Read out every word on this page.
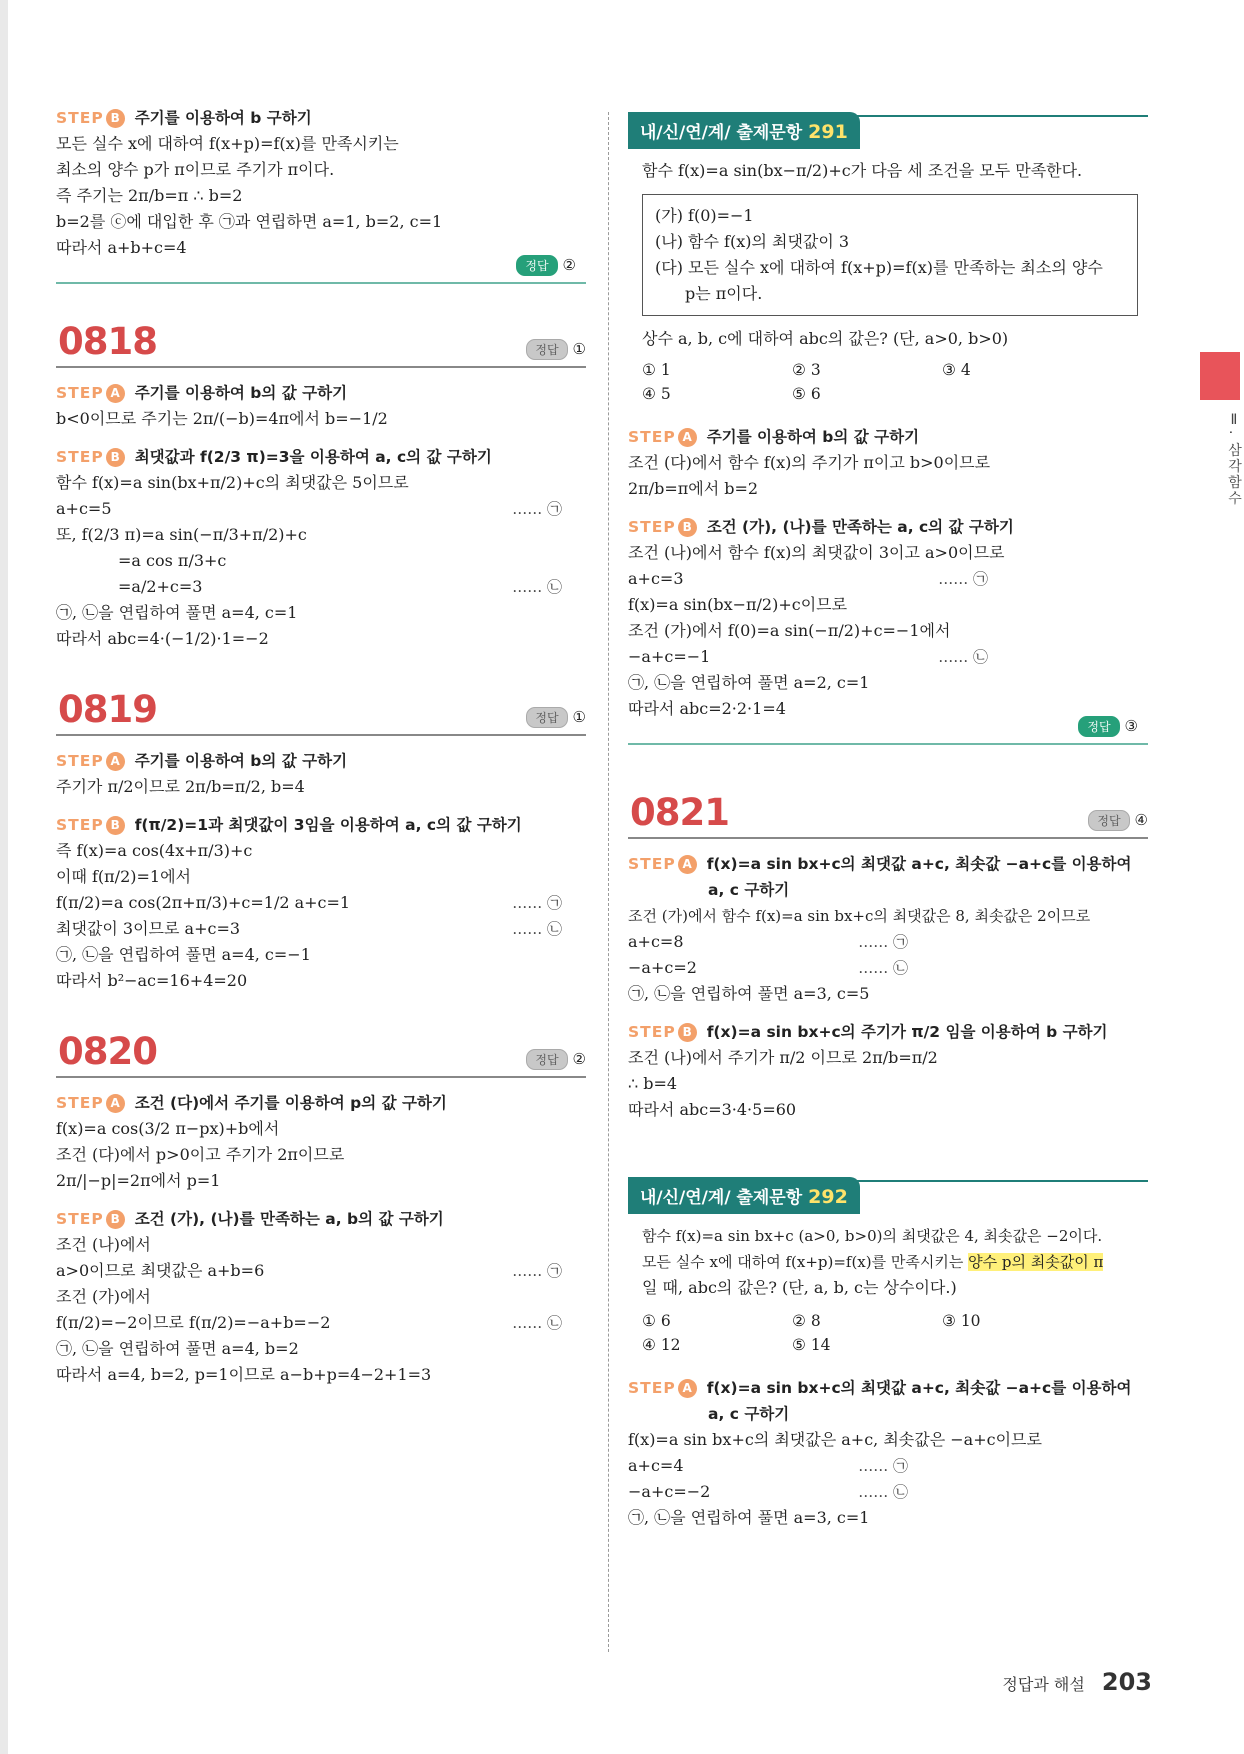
STEP B 주기를 이용하여 b 구하기
모든 실수 x에 대하여 f(x+p)=f(x)를 만족시키는
최소의 양수 p가 π이므로 주기가 π이다.
즉 주기는 2π/b=π ∴ b=2
b=2를 ⓒ에 대입한 후 ㉠과 연립하면 a=1, b=2, c=1
따라서 a+b+c=4
정답 ②
0818	정답 ①
STEP A 주기를 이용하여 b의 값 구하기
b<0이므로 주기는 2π/(−b)=4π에서 b=−1/2
STEP B 최댓값과 f(2/3 π)=3을 이용하여 a, c의 값 구하기
함수 f(x)=a sin(bx+π/2)+c의 최댓값은 5이므로
a+c=5	…… ㉠
또, f(2/3 π)=a sin(−π/3+π/2)+c
=a cos π/3+c
=a/2+c=3	…… ㉡
㉠, ㉡을 연립하여 풀면 a=4, c=1
따라서 abc=4·(−1/2)·1=−2
0819	정답 ①
STEP A 주기를 이용하여 b의 값 구하기
주기가 π/2이므로 2π/b=π/2, b=4
STEP B f(π/2)=1과 최댓값이 3임을 이용하여 a, c의 값 구하기
즉 f(x)=a cos(4x+π/3)+c
이때 f(π/2)=1에서
f(π/2)=a cos(2π+π/3)+c=1/2 a+c=1	…… ㉠
최댓값이 3이므로 a+c=3	…… ㉡
㉠, ㉡을 연립하여 풀면 a=4, c=−1
따라서 b²−ac=16+4=20
0820	정답 ②
STEP A 조건 (다)에서 주기를 이용하여 p의 값 구하기
f(x)=a cos(3/2 π−px)+b에서
조건 (다)에서 p>0이고 주기가 2π이므로
2π/|−p|=2π에서 p=1
STEP B 조건 (가), (나)를 만족하는 a, b의 값 구하기
조건 (나)에서
a>0이므로 최댓값은 a+b=6	…… ㉠
조건 (가)에서
f(π/2)=−2이므로 f(π/2)=−a+b=−2	…… ㉡
㉠, ㉡을 연립하여 풀면 a=4, b=2
따라서 a=4, b=2, p=1이므로 a−b+p=4−2+1=3
내/신/연/계/ 출제문항 291
함수 f(x)=a sin(bx−π/2)+c가 다음 세 조건을 모두 만족한다.
(가) f(0)=−1
(나) 함수 f(x)의 최댓값이 3
(다) 모든 실수 x에 대하여 f(x+p)=f(x)를 만족하는 최소의 양수
p는 π이다.
상수 a, b, c에 대하여 abc의 값은? (단, a>0, b>0)
① 1	② 3	③ 4
④ 5	⑤ 6
STEP A 주기를 이용하여 b의 값 구하기
조건 (다)에서 함수 f(x)의 주기가 π이고 b>0이므로
2π/b=π에서 b=2
STEP B 조건 (가), (나)를 만족하는 a, c의 값 구하기
조건 (나)에서 함수 f(x)의 최댓값이 3이고 a>0이므로
a+c=3	…… ㉠
f(x)=a sin(bx−π/2)+c이므로
조건 (가)에서 f(0)=a sin(−π/2)+c=−1에서
−a+c=−1	…… ㉡
㉠, ㉡을 연립하여 풀면 a=2, c=1
따라서 abc=2·2·1=4
정답 ③
0821	정답 ④
STEP A f(x)=a sin bx+c의 최댓값 a+c, 최솟값 −a+c를 이용하여
a, c 구하기
조건 (가)에서 함수 f(x)=a sin bx+c의 최댓값은 8, 최솟값은 2이므로
a+c=8	…… ㉠
−a+c=2	…… ㉡
㉠, ㉡을 연립하여 풀면 a=3, c=5
STEP B f(x)=a sin bx+c의 주기가 π/2 임을 이용하여 b 구하기
조건 (나)에서 주기가 π/2 이므로 2π/b=π/2
∴ b=4
따라서 abc=3·4·5=60
내/신/연/계/ 출제문항 292
함수 f(x)=a sin bx+c (a>0, b>0)의 최댓값은 4, 최솟값은 −2이다.
모든 실수 x에 대하여 f(x+p)=f(x)를 만족시키는 양수 p의 최솟값이 π
일 때, abc의 값은? (단, a, b, c는 상수이다.)
① 6	② 8	③ 10
④ 12	⑤ 14
STEP A f(x)=a sin bx+c의 최댓값 a+c, 최솟값 −a+c를 이용하여
a, c 구하기
f(x)=a sin bx+c의 최댓값은 a+c, 최솟값은 −a+c이므로
a+c=4	…… ㉠
−a+c=−2	…… ㉡
㉠, ㉡을 연립하여 풀면 a=3, c=1
Ⅱ. 삼각함수
정답과 해설 203
